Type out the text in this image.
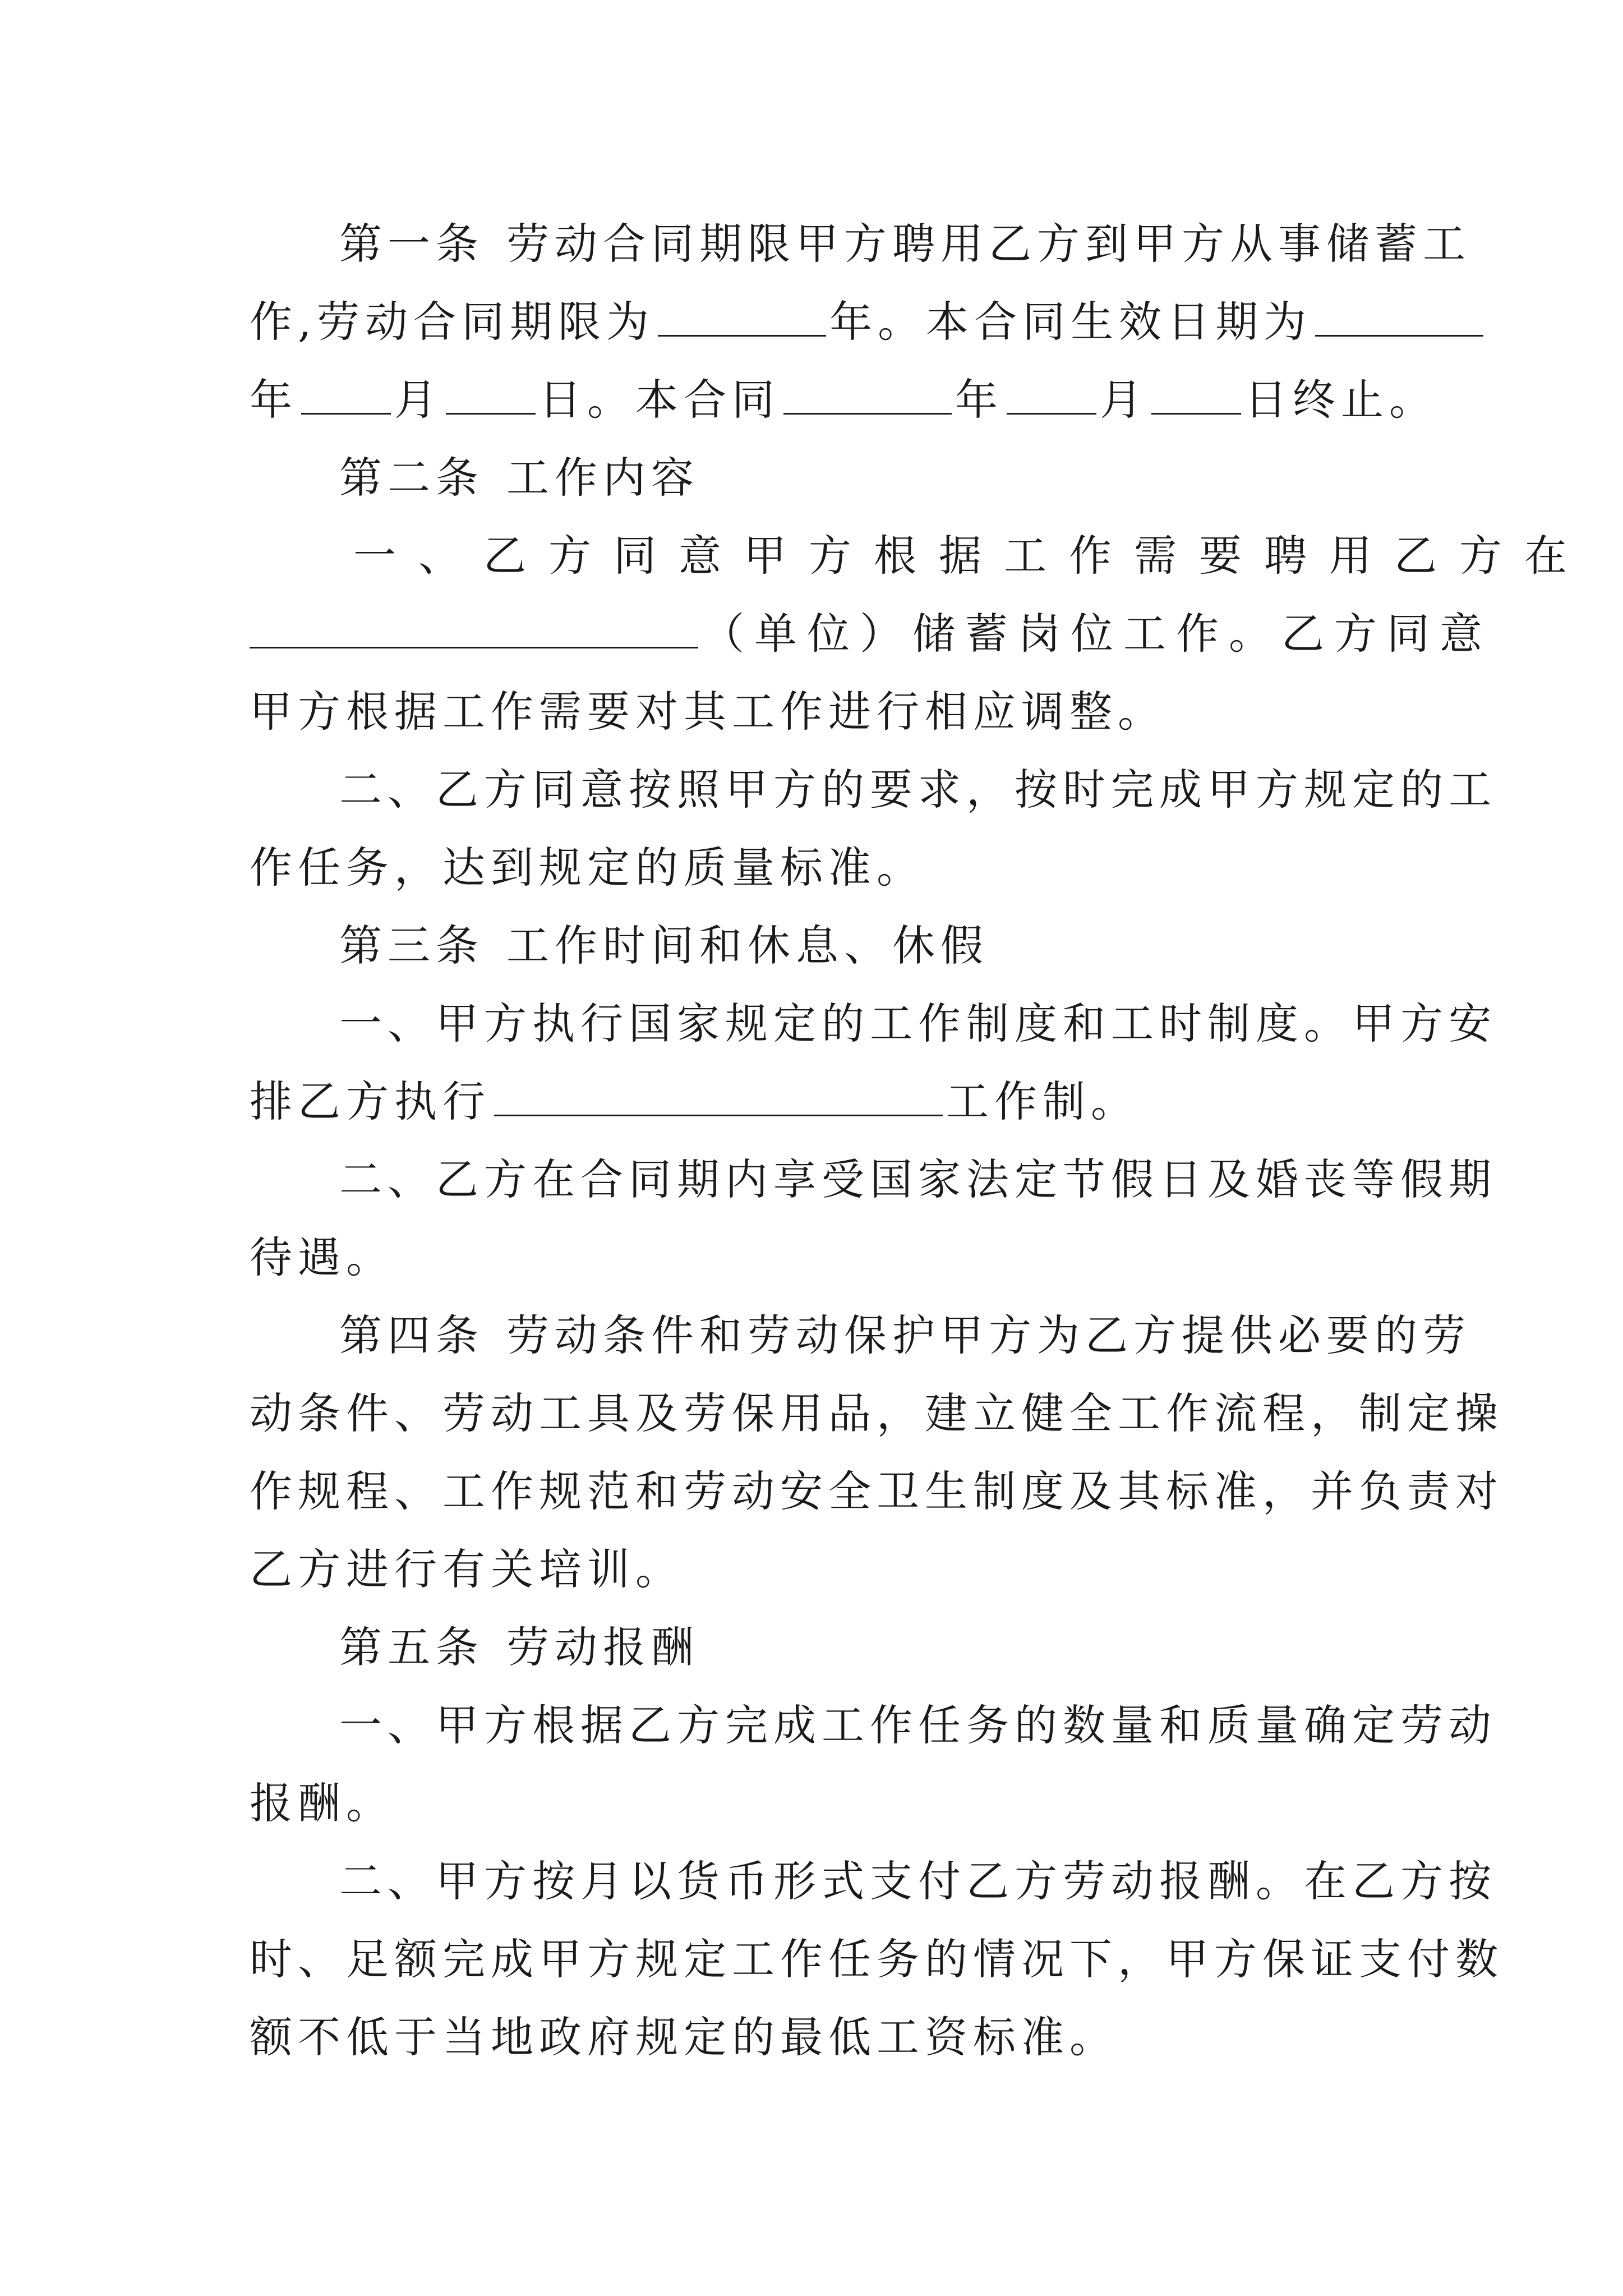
第一条 劳动合同期限甲方聘用乙方到甲方从事储蓄工
作,劳动合同期限为	年。本合同生效日期为
年 月 日。本合同	年 月 日终止。
第二条 工作内容
一、乙方同意甲方根据工作需要聘用乙方在
（单位）储蓄岗位工作。乙方同意
甲方根据工作需要对其工作进行相应调整。
二、乙方同意按照甲方的要求，按时完成甲方规定的工
作任务，达到规定的质量标准。
第三条 工作时间和休息、休假
一、甲方执行国家规定的工作制度和工时制度。甲方安
排乙方执行	工作制。
二、乙方在合同期内享受国家法定节假日及婚丧等假期
待遇。
第四条 劳动条件和劳动保护甲方为乙方提供必要的劳
动条件、劳动工具及劳保用品，建立健全工作流程，制定操
作规程、工作规范和劳动安全卫生制度及其标准，并负责对
乙方进行有关培训。
第五条 劳动报酬
一、甲方根据乙方完成工作任务的数量和质量确定劳动
报酬。
二、甲方按月以货币形式支付乙方劳动报酬。在乙方按
时、足额完成甲方规定工作任务的情况下，甲方保证支付数
额不低于当地政府规定的最低工资标准。
